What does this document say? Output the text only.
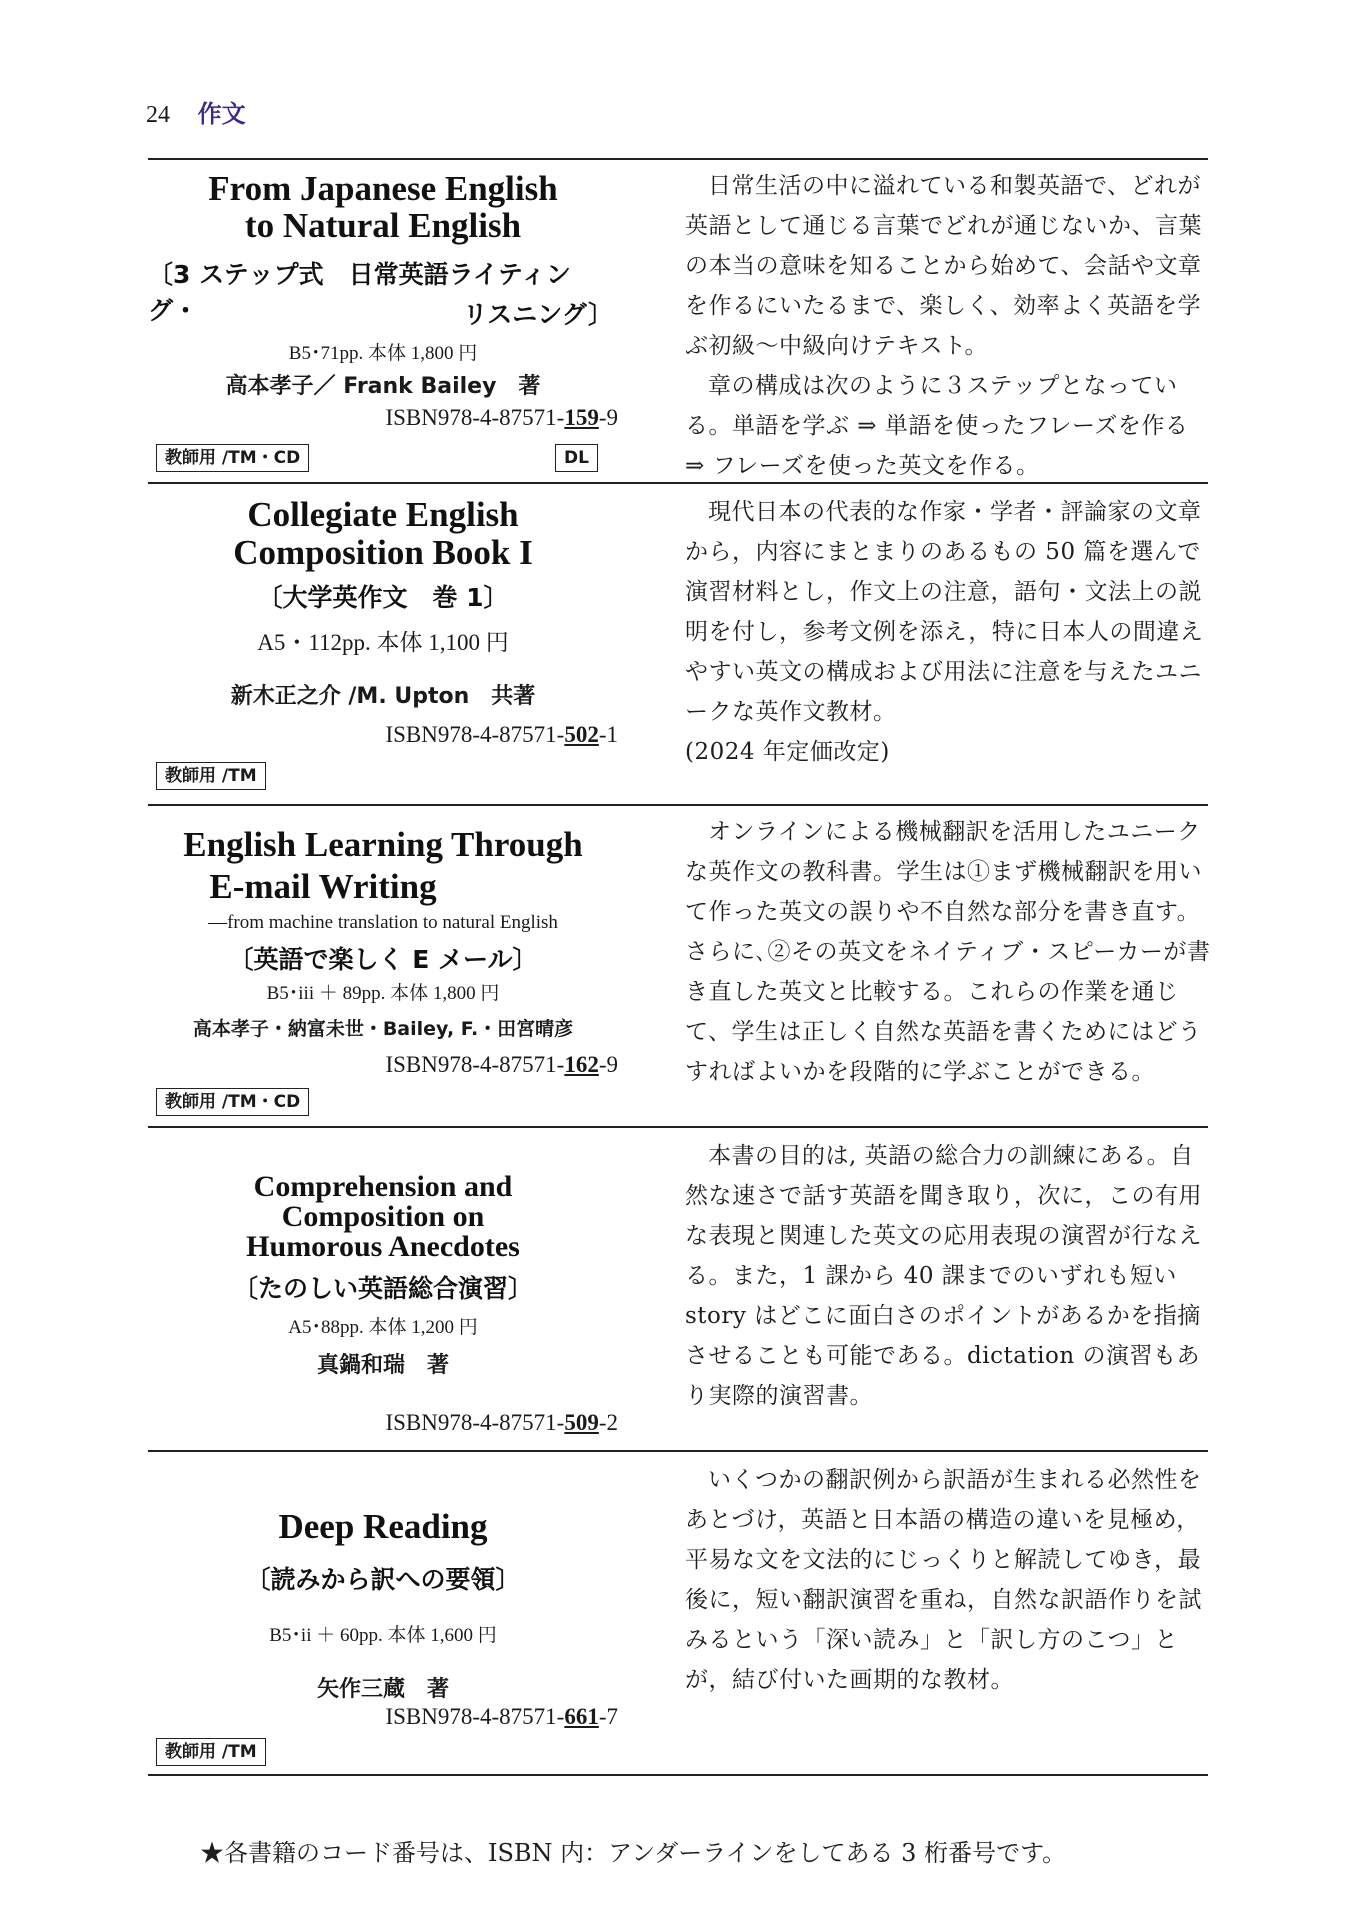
24 作文
From Japanese English
to Natural English
〔3 ステップ式　日常英語ライティング・	リスニング〕
B5･71pp. 本体 1,800 円
高本孝子／ Frank Bailey　著
ISBN978-4-87571-159-9
教師用 /TM・CD	DL
日常生活の中に溢れている和製英語で、どれが英語として通じる言葉でどれが通じないか、言葉の本当の意味を知ることから始めて、会話や文章を作るにいたるまで、楽しく、効率よく英語を学ぶ初級～中級向けテキスト。
章の構成は次のように３ステップとなっている。単語を学ぶ ⇒ 単語を使ったフレーズを作る ⇒ フレーズを使った英文を作る。
Collegiate English
Composition Book I
〔大学英作文　巻 1〕
A5・112pp. 本体 1,100 円
新木正之介 /M. Upton　共著
ISBN978-4-87571-502-1
教師用 /TM
現代日本の代表的な作家・学者・評論家の文章から，内容にまとまりのあるもの 50 篇を選んで演習材料とし，作文上の注意，語句・文法上の説明を付し，参考文例を添え，特に日本人の間違えやすい英文の構成および用法に注意を与えたユニークな英作文教材。
(2024 年定価改定)
English Learning Through
E-mail Writing
—from machine translation to natural English
〔英語で楽しく E メール〕
B5･iii ＋ 89pp. 本体 1,800 円
高本孝子・納富未世・Bailey, F.・田宮晴彦
ISBN978-4-87571-162-9
教師用 /TM・CD
オンラインによる機械翻訳を活用したユニークな英作文の教科書。学生は①まず機械翻訳を用いて作った英文の誤りや不自然な部分を書き直す。さらに､②その英文をネイティブ・スピーカーが書き直した英文と比較する。これらの作業を通じて、学生は正しく自然な英語を書くためにはどうすればよいかを段階的に学ぶことができる。
Comprehension and
Composition on
Humorous Anecdotes
〔たのしい英語総合演習〕
A5･88pp. 本体 1,200 円
真鍋和瑞　著
ISBN978-4-87571-509-2
本書の目的は, 英語の総合力の訓練にある。自然な速さで話す英語を聞き取り，次に，この有用な表現と関連した英文の応用表現の演習が行なえる。また，1 課から 40 課までのいずれも短い story はどこに面白さのポイントがあるかを指摘させることも可能である。dictation の演習もあり実際的演習書。
Deep Reading
〔読みから訳への要領〕
B5･ii ＋ 60pp. 本体 1,600 円
矢作三蔵　著
ISBN978-4-87571-661-7
教師用 /TM
いくつかの翻訳例から訳語が生まれる必然性をあとづけ，英語と日本語の構造の違いを見極め，平易な文を文法的にじっくりと解読してゆき，最後に，短い翻訳演習を重ね，自然な訳語作りを試みるという「深い読み」と「訳し方のこつ」とが，結び付いた画期的な教材。
★各書籍のコード番号は、ISBN 内：アンダーラインをしてある 3 桁番号です。
